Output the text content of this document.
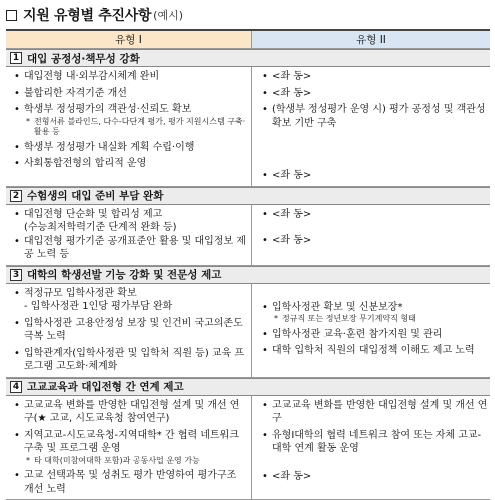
지원 유형별 추진사항 (예시)
유형 I	유형 II
1 대입 공정성·책무성 강화
• 대입전형 내·외부감시체계 완비
• 불합리한 자격기준 개선
• 학생부 정성평가의 객관성·신뢰도 확보
* 전형서류 블라인드, 다수-다단계 평가, 평가 지원시스템 구축·활용 등
• 학생부 정성평가 내실화 계획 수립·이행
• 사회통합전형의 합리적 운영
• <좌 동>
• <좌 동>
• (학생부 정성평가 운영 시) 평가 공정성 및 객관성 확보 기반 구축
• <좌 동>
2 수험생의 대입 준비 부담 완화
• 대입전형 단순화 및 합리성 제고
(수능최저학력기준 단계적 완화 등)
• 대입전형 평가기준 공개표준안 활용 및 대입정보 제공 노력 등
• <좌 동>
• <좌 동>
3 대학의 학생선발 기능 강화 및 전문성 제고
• 적정규모 입학사정관 확보
- 입학사정관 1인당 평가부담 완화
• 입학사정관 고용안정성 보장 및 인건비 국고의존도 극복 노력
• 입학관계자(입학사정관 및 입학처 직원 등) 교육 프로그램 고도화·체계화
• 입학사정관 확보 및 신분보장*
* 정규직 또는 정년보장 무기계약직 형태
• 입학사정관 교육·훈련 참가지원 및 관리
• 대학 입학처 직원의 대입정책 이해도 제고 노력
4 고교교육과 대입전형 간 연계 제고
• 고교교육 변화를 반영한 대입전형 설계 및 개선 연구(★ 고교, 시도교육청 참여연구)
• 지역고교-시도교육청-지역대학* 간 협력 네트워크 구축 및 프로그램 운영
* 타 대학(미참여대학 포함)과 공동사업 운영 가능
• 고교 선택과목 및 성취도 평가 반영하여 평가구조 개선 노력
• 고교교육 변화를 반영한 대입전형 설계 및 개선 연구
• 유형I대학의 협력 네트워크 참여 또는 자체 고교-대학 연계 활동 운영
• <좌 동>
